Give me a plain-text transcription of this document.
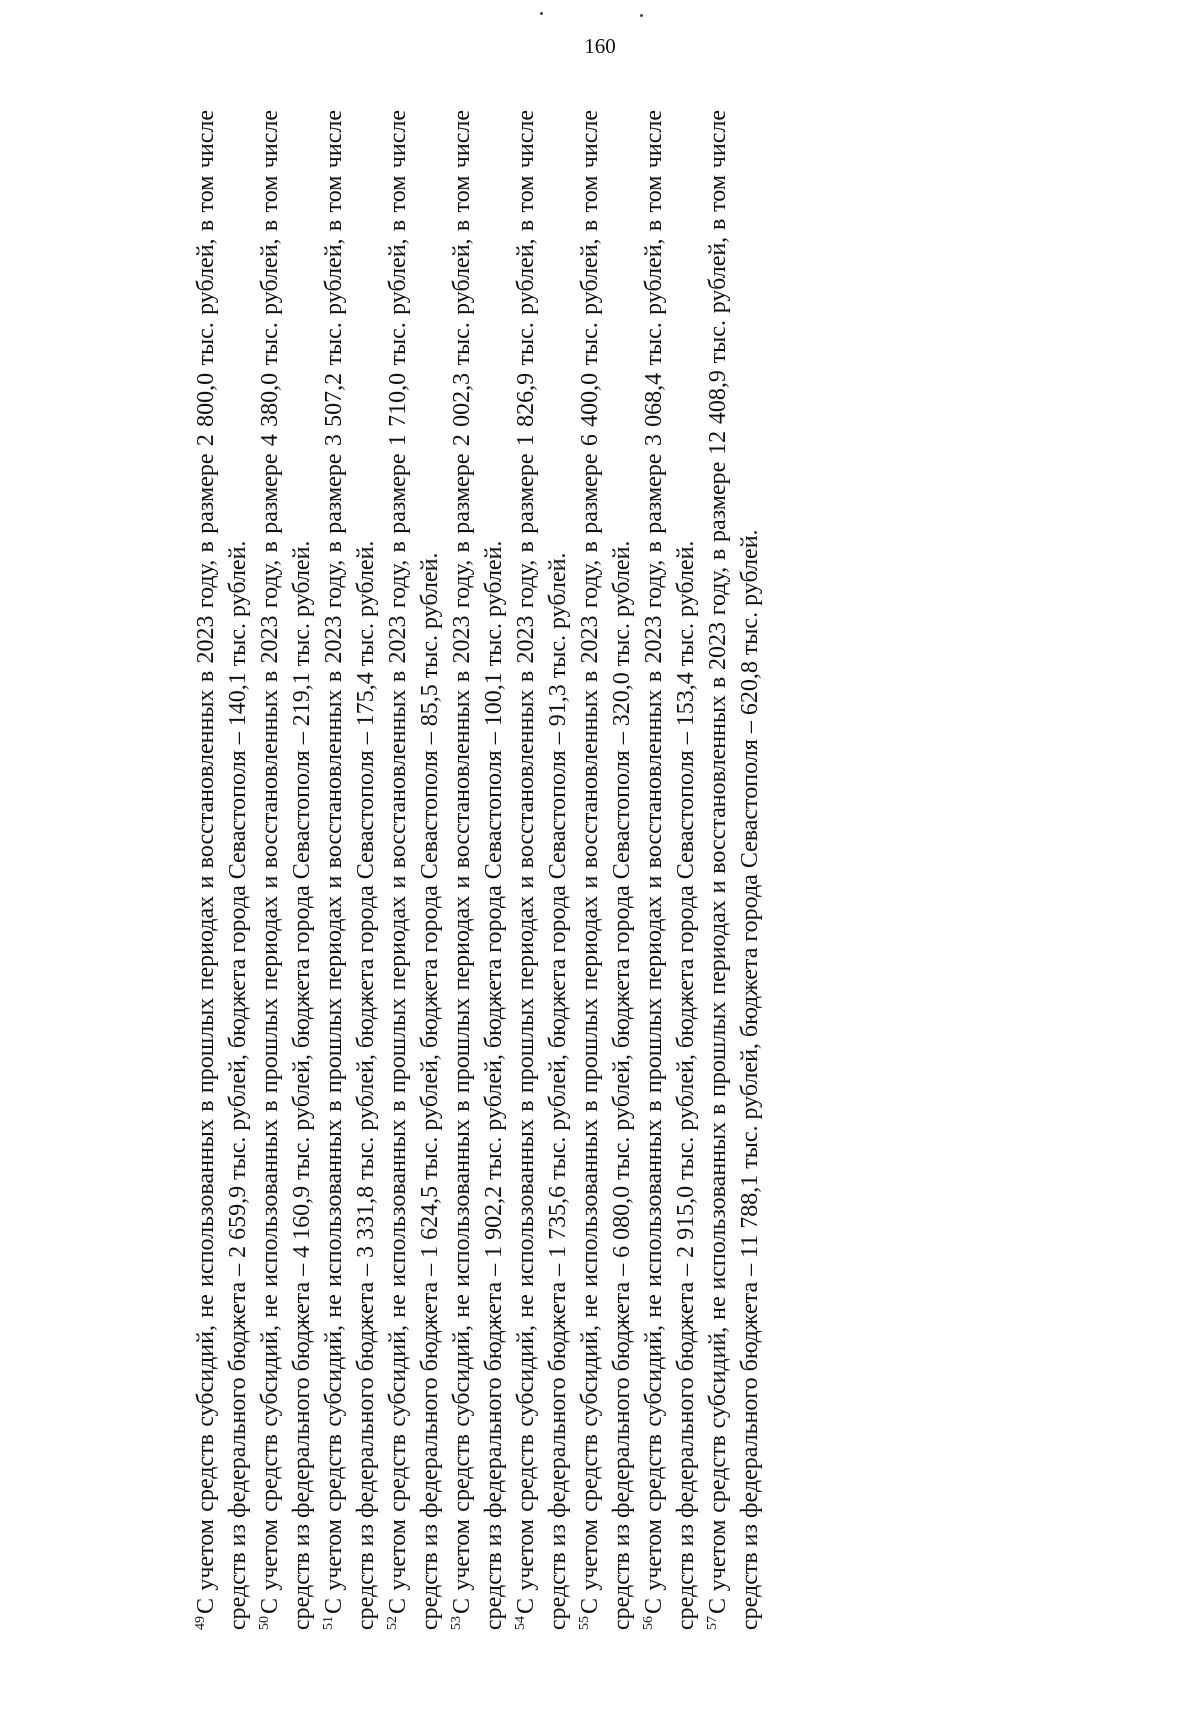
160

$^{49}$С учетом средств субсидий, не использованных в прошлых периодах и восстановленных в 2023 году, в размере 2 800,0 тыс. рублей, в том числе средств из федерального бюджета – 2 659,9 тыс. рублей, бюджета города Севастополя – 140,1 тыс. рублей. $^{50}$С учетом средств субсидий, не использованных в прошлых периодах и восстановленных в 2023 году, в размере 4 380,0 тыс. рублей, в том числе средств из федерального бюджета – 4 160,9 тыс. рублей, бюджета города Севастополя – 219,1 тыс. рублей. $^{51}$С учетом средств субсидий, не использованных в прошлых периодах и восстановленных в 2023 году, в размере 3 507,2 тыс. рублей, в том числе средств из федерального бюджета – 3 331,8 тыс. рублей, бюджета города Севастополя – 175,4 тыс. рублей. $^{52}$С учетом средств субсидий, не использованных в прошлых периодах и восстановленных в 2023 году, в размере 1 710,0 тыс. рублей, в том числе средств из федерального бюджета – 1 624,5 тыс. рублей, бюджета города Севастополя – 85,5 тыс. рублей. $^{53}$С учетом средств субсидий, не использованных в прошлых периодах и восстановленных в 2023 году, в размере 2 002,3 тыс. рублей, в том числе средств из федерального бюджета – 1 902,2 тыс. рублей, бюджета города Севастополя – 100,1 тыс. рублей. $^{54}$С учетом средств субсидий, не использованных в прошлых периодах и восстановленных в 2023 году, в размере 1 826,9 тыс. рублей, в том числе средств из федерального бюджета – 1 735,6 тыс. рублей, бюджета города Севастополя – 91,3 тыс. рублей. $^{55}$С учетом средств субсидий, не использованных в прошлых периодах и восстановленных в 2023 году, в размере 6 400,0 тыс. рублей, в том числе средств из федерального бюджета – 6 080,0 тыс. рублей, бюджета города Севастополя – 320,0 тыс. рублей. $^{56}$С учетом средств субсидий, не использованных в прошлых периодах и восстановленных в 2023 году, в размере 3 068,4 тыс. рублей, в том числе средств из федерального бюджета – 2 915,0 тыс. рублей, бюджета города Севастополя – 153,4 тыс. рублей. $^{57}$С учетом средств субсидий, не использованных в прошлых периодах и восстановленных в 2023 году, в размере 12 408,9 тыс. рублей, в том числе средств из федерального бюджета – 11 788,1 тыс. рублей, бюджета города Севастополя – 620,8 тыс. рублей.
